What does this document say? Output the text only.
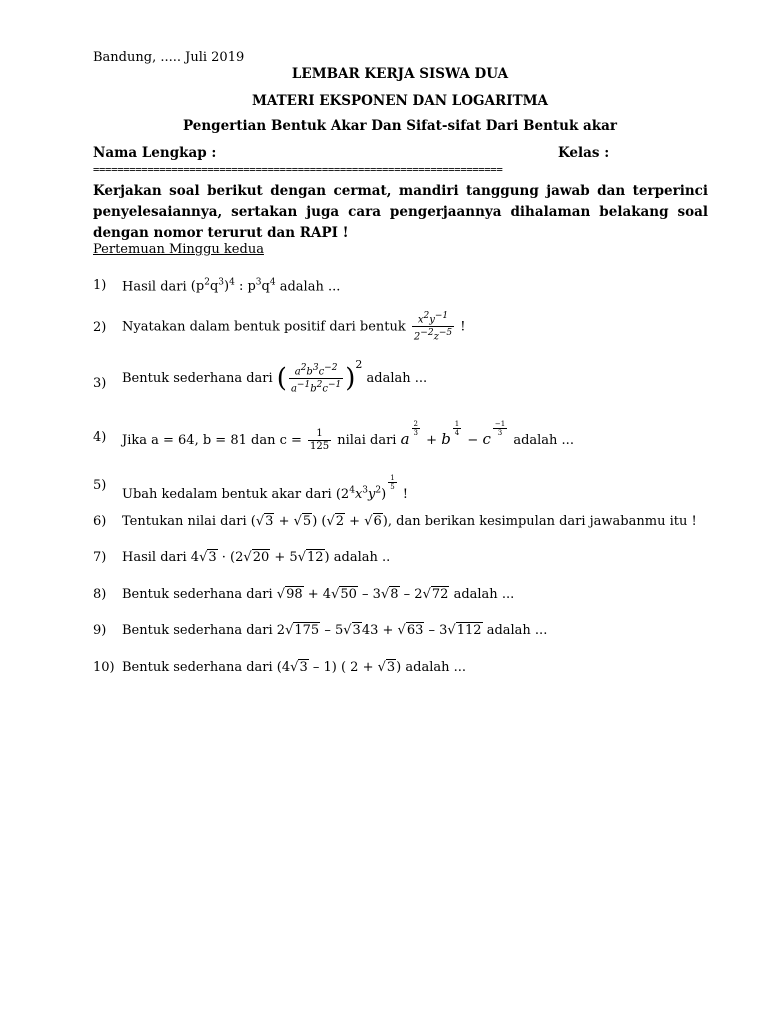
Bandung, ..... Juli 2019
LEMBAR KERJA SISWA DUA
MATERI EKSPONEN DAN LOGARITMA
Pengertian Bentuk Akar Dan Sifat-sifat Dari Bentuk akar
Nama Lengkap :	Kelas :
====================================================================

Kerjakan soal berikut dengan cermat, mandiri tanggung jawab dan terperinci penyelesaiannya, sertakan juga cara pengerjaannya dihalaman belakang soal dengan nomor terurut dan RAPI !

Pertemuan Minggu kedua
1) Hasil dari $(p^2q^3)^4$ : $p^3q^4$ adalah ...
2) Nyatakan dalam bentuk positif dari bentuk $\frac{x^2y^{-1}}{2^{-2}z^{-5}}$ !
3) Bentuk sederhana dari ( $\frac{a^2b^3c^{-2}}{a^{-1}b^2c^{-1}} )^2$ adalah ...
4) Jika a = 64, b = 81 dan $c = \frac{1}{125}$ nilai dari a
$\frac{2}{3}$
+ b
$\frac{1}{4}$
− c
$\frac{-1}{3}$
adalah ...
5)
Ubah kedalam bentuk akar dari $(2^4x^3y^2)$
$\frac{1}{5}$
!
6) Tentukan nilai dari (√3 + √5) (√2 + √6), dan berikan kesimpulan dari jawabanmu itu !
7) Hasil dari 4√3 · (2√20 + 5√12) adalah ..
8) Bentuk sederhana dari √98 + 4√50 – 3√8 – 2√72 adalah ...
9) Bentuk sederhana dari 2√175 – 5√343 + √63 – 3√112 adalah ...
10) Bentuk sederhana dari (4√3 – 1) ( 2 + √3) adalah ...
